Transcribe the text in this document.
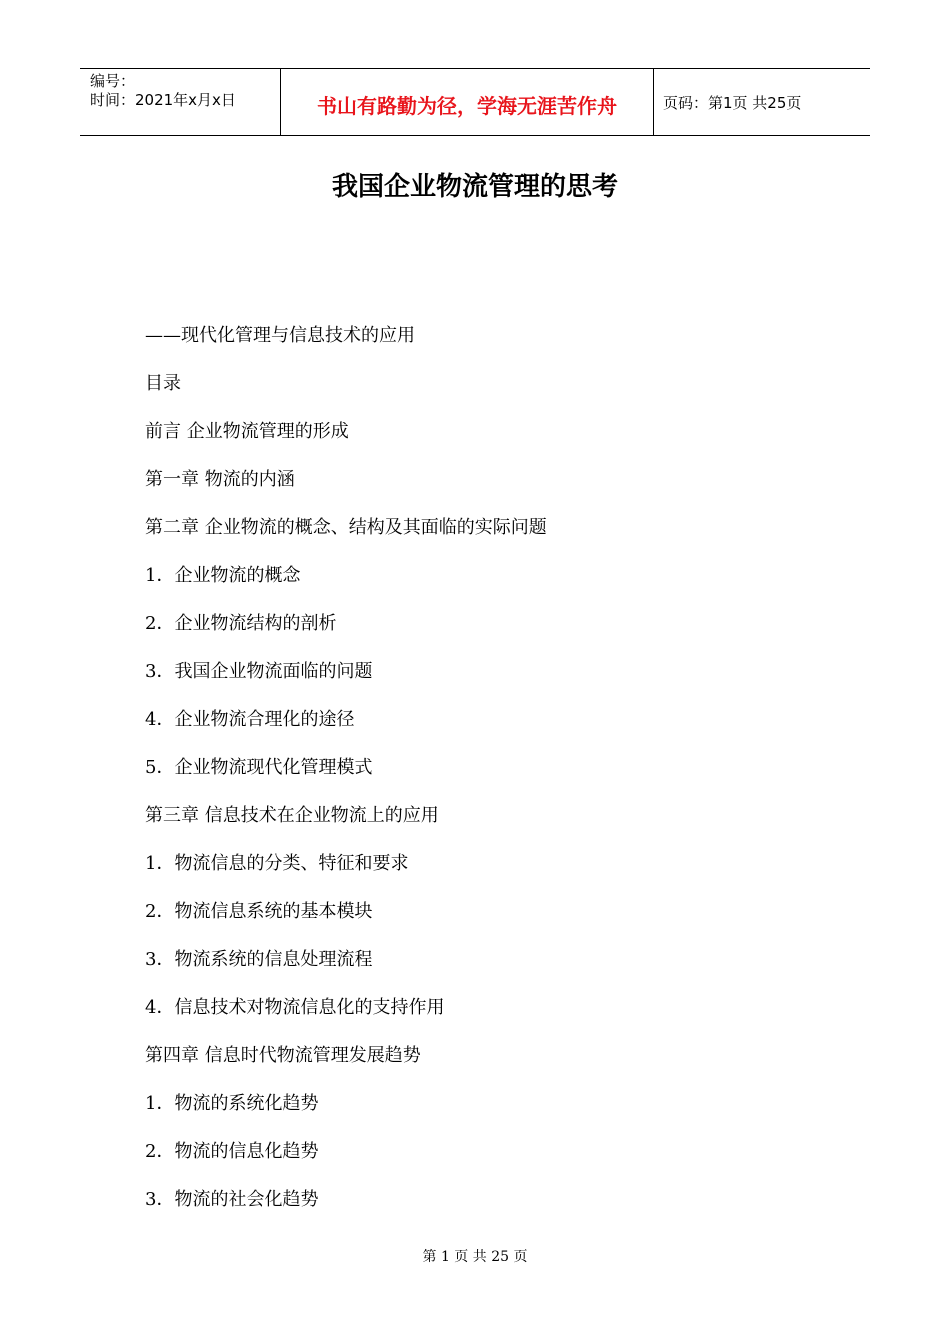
编号：
时间：2021年x月x日	书山有路勤为径，学海无涯苦作舟	页码：第1页 共25页
我国企业物流管理的思考
——现代化管理与信息技术的应用
目录
前言 企业物流管理的形成
第一章 物流的内涵
第二章 企业物流的概念、结构及其面临的实际问题
1．企业物流的概念
2．企业物流结构的剖析
3．我国企业物流面临的问题
4．企业物流合理化的途径
5．企业物流现代化管理模式
第三章 信息技术在企业物流上的应用
1．物流信息的分类、特征和要求
2．物流信息系统的基本模块
3．物流系统的信息处理流程
4．信息技术对物流信息化的支持作用
第四章 信息时代物流管理发展趋势
1．物流的系统化趋势
2．物流的信息化趋势
3．物流的社会化趋势
第 1 页 共 25 页
